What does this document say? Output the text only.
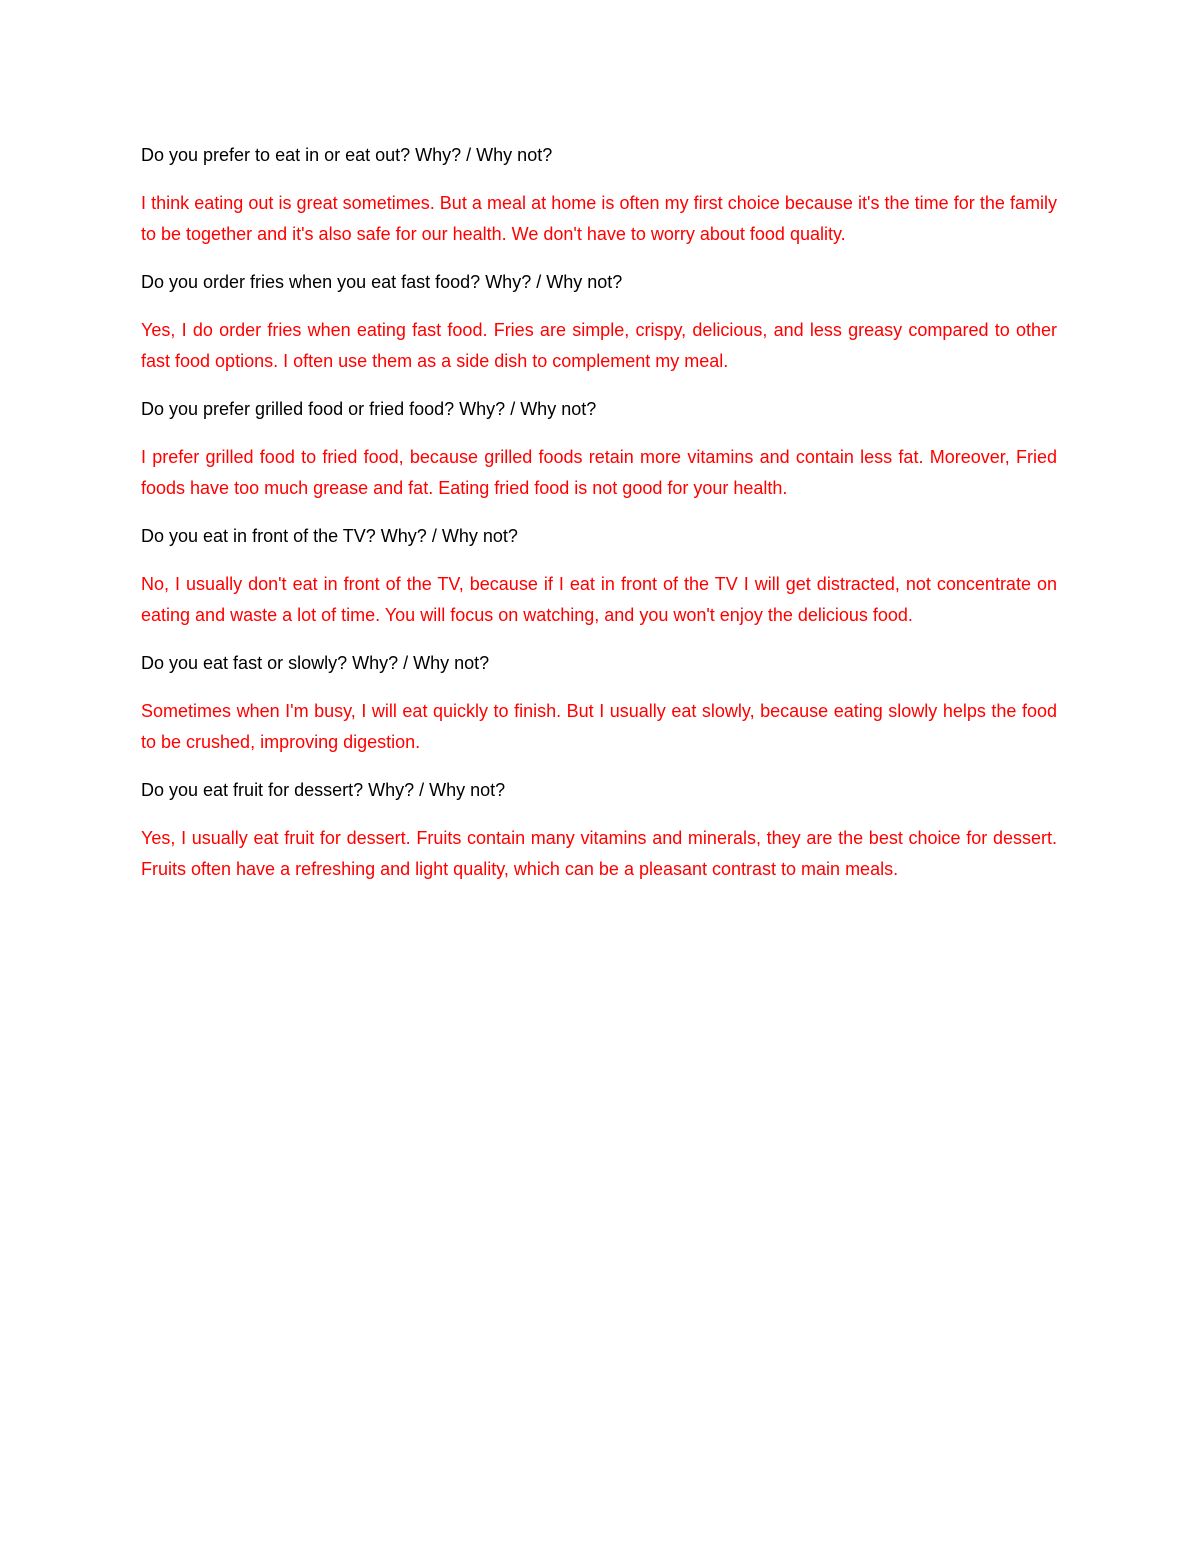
Do you prefer to eat in or eat out? Why? / Why not?

I think eating out is great sometimes. But a meal at home is often my first choice because it's the time for the family to be together and it's also safe for our health. We don't have to worry about food quality.

Do you order fries when you eat fast food? Why? / Why not?

Yes, I do order fries when eating fast food. Fries are simple, crispy, delicious, and less greasy compared to other fast food options. I often use them as a side dish to complement my meal.

Do you prefer grilled food or fried food? Why? / Why not?

I prefer grilled food to fried food, because grilled foods retain more vitamins and contain less fat. Moreover, Fried foods have too much grease and fat. Eating fried food is not good for your health.

Do you eat in front of the TV? Why? / Why not?

No, I usually don't eat in front of the TV, because if I eat in front of the TV I will get distracted, not concentrate on eating and waste a lot of time. You will focus on watching, and you won't enjoy the delicious food.

Do you eat fast or slowly? Why? / Why not?

Sometimes when I'm busy, I will eat quickly to finish. But I usually eat slowly, because eating slowly helps the food to be crushed, improving digestion.

Do you eat fruit for dessert? Why? / Why not?

Yes, I usually eat fruit for dessert. Fruits contain many vitamins and minerals, they are the best choice for dessert. Fruits often have a refreshing and light quality, which can be a pleasant contrast to main meals.
